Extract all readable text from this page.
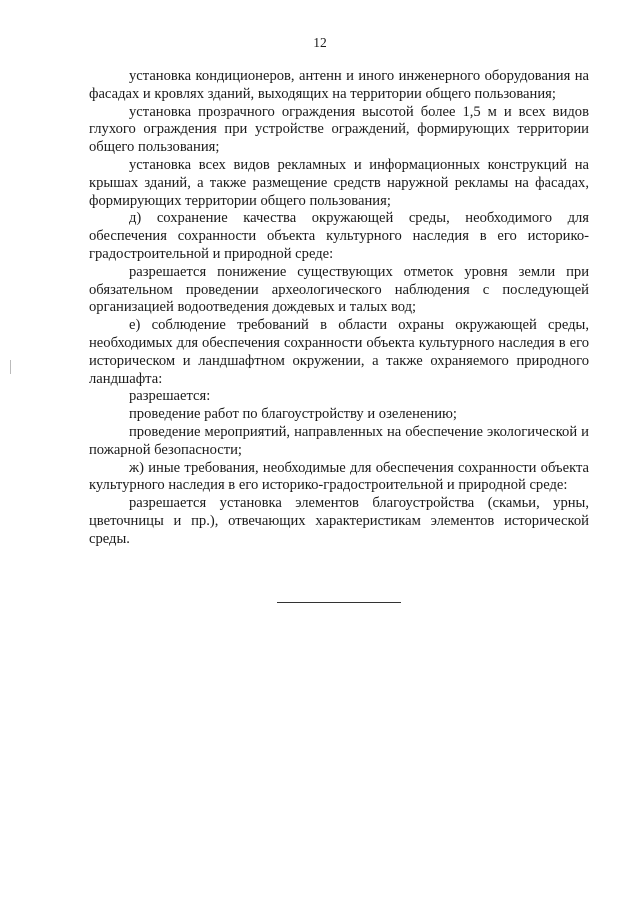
12

установка кондиционеров, антенн и иного инженерного оборудования на фасадах и кровлях зданий, выходящих на территории общего пользования;

установка прозрачного ограждения высотой более 1,5 м и всех видов глухого ограждения при устройстве ограждений, формирующих территории общего пользования;

установка всех видов рекламных и информационных конструкций на крышах зданий, а также размещение средств наружной рекламы на фасадах, формирующих территории общего пользования;

д) сохранение качества окружающей среды, необходимого для обеспечения сохранности объекта культурного наследия в его историко-градостроительной и природной среде:

разрешается понижение существующих отметок уровня земли при обязательном проведении археологического наблюдения с последующей организацией водоотведения дождевых и талых вод;

е) соблюдение требований в области охраны окружающей среды, необходимых для обеспечения сохранности объекта культурного наследия в его историческом и ландшафтном окружении, а также охраняемого природного ландшафта:

разрешается:

проведение работ по благоустройству и озеленению;

проведение мероприятий, направленных на обеспечение экологической и пожарной безопасности;

ж) иные требования, необходимые для обеспечения сохранности объекта культурного наследия в его историко-градостроительной и природной среде:

разрешается установка элементов благоустройства (скамьи, урны, цветочницы и пр.), отвечающих характеристикам элементов исторической среды.
